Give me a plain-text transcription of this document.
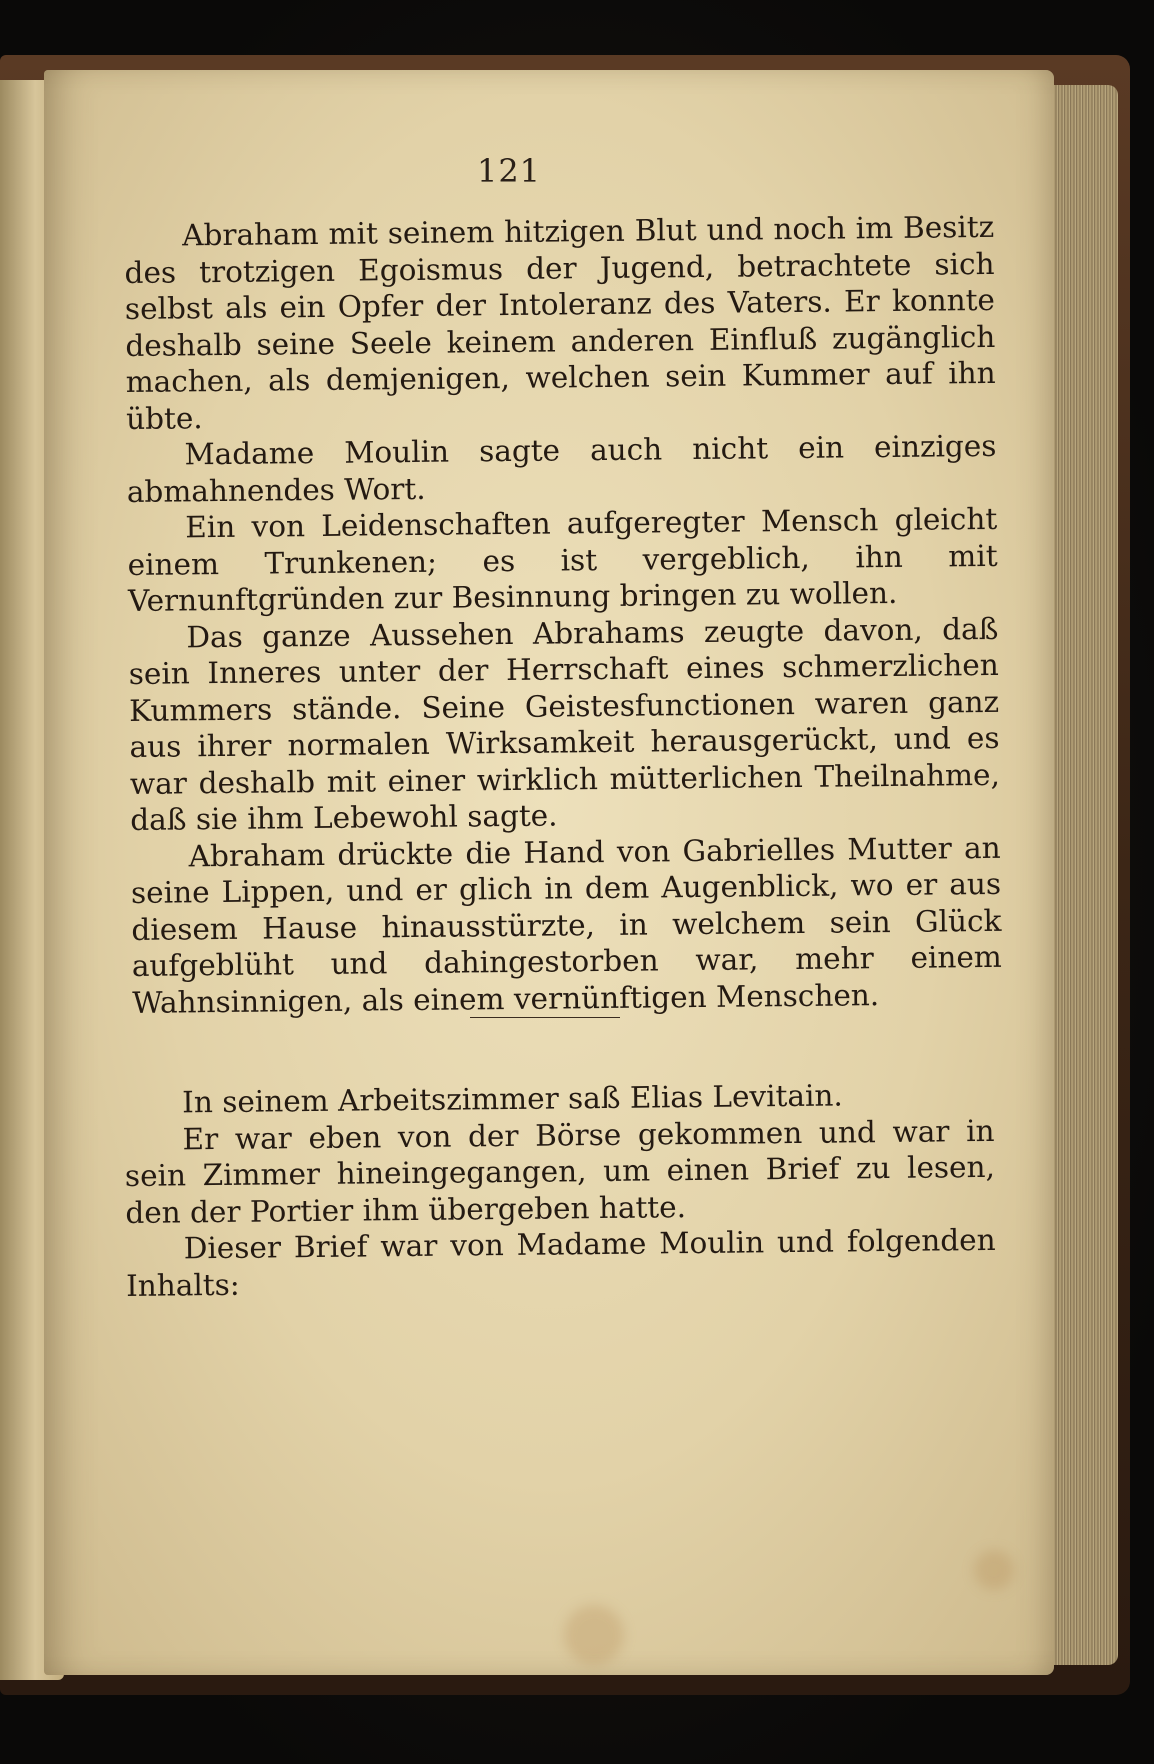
121

Abraham mit seinem hitzigen Blut und noch im Besitz des trotzigen Egoismus der Jugend, betrachtete sich selbst als ein Opfer der Intoleranz des Vaters. Er konnte deshalb seine Seele keinem anderen Einfluß zugänglich machen, als demjenigen, welchen sein Kummer auf ihn übte.

Madame Moulin sagte auch nicht ein einziges abmahnendes Wort.

Ein von Leidenschaften aufgeregter Mensch gleicht einem Trunkenen; es ist vergeblich, ihn mit Vernunftgründen zur Besinnung bringen zu wollen.

Das ganze Aussehen Abrahams zeugte davon, daß sein Inneres unter der Herrschaft eines schmerzlichen Kummers stände. Seine Geistesfunctionen waren ganz aus ihrer normalen Wirksamkeit herausgerückt, und es war deshalb mit einer wirklich mütterlichen Theilnahme, daß sie ihm Lebewohl sagte.

Abraham drückte die Hand von Gabrielles Mutter an seine Lippen, und er glich in dem Augenblick, wo er aus diesem Hause hinausstürzte, in welchem sein Glück aufgeblüht und dahingestorben war, mehr einem Wahnsinnigen, als einem vernünftigen Menschen.

In seinem Arbeitszimmer saß Elias Levitain.

Er war eben von der Börse gekommen und war in sein Zimmer hineingegangen, um einen Brief zu lesen, den der Portier ihm übergeben hatte.

Dieser Brief war von Madame Moulin und folgenden Inhalts:
